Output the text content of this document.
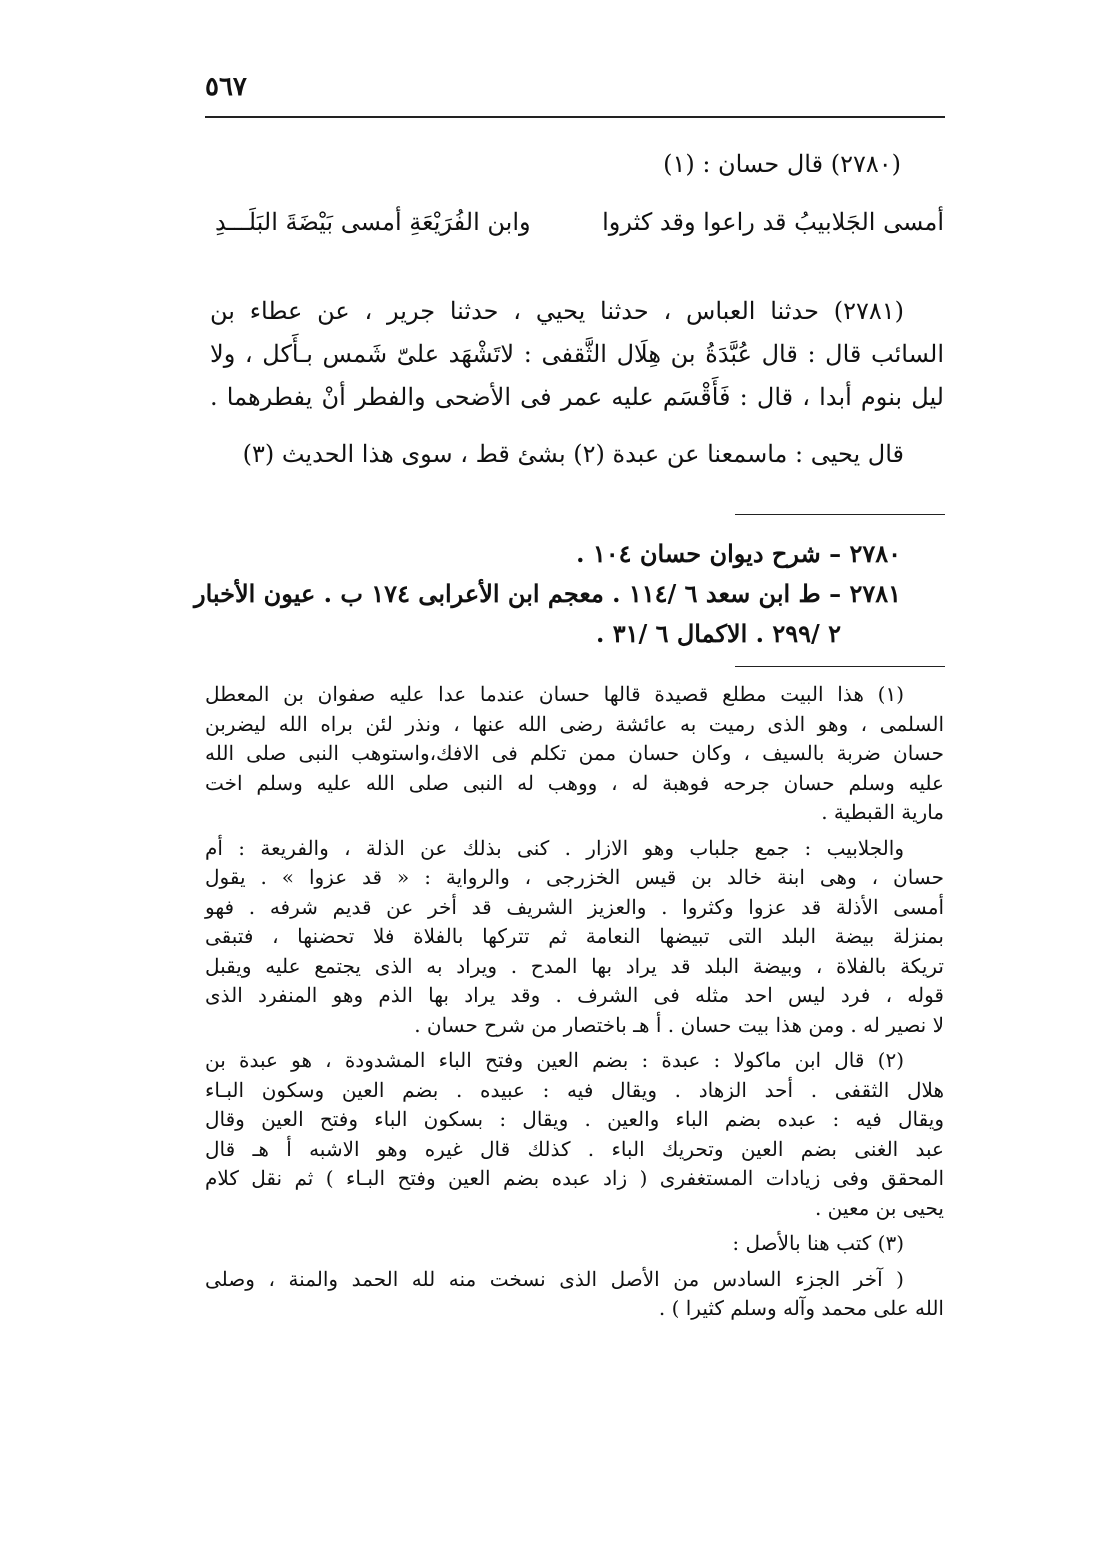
٥٦٧
(٢٧٨٠) قال حسان : (١)
أمسى الجَلابيبُ قد راعوا وقد كثروا
وابن الفُرَيْعَةِ أمسى بَيْضَةَ البَلَـــدِ
(٢٧٨١) حدثنا العباس ، حدثنا يحيي ، حدثنا جرير ، عن عطاء بن
السائب قال : قال عُبَّدَةُ بن هِلَال الثَّقفى : لاتَشْهَد علىّ شَمس بـأَكل ، ولا
ليل بنوم أبدا ، قال : فَأَقْسَم عليه عمر فى الأضحى والفطر أنْ يفطرهما .
قال يحيى : ماسمعنا عن عبدة (٢) بشئ قط ، سوى هذا الحديث (٣)
٢٧٨٠ – شرح ديوان حسان ١٠٤ .
٢٧٨١ – ط ابن سعد ٦ /١١٤ . معجم ابن الأعرابى ١٧٤ ب . عيون الأخبار
٢ /٢٩٩ . الاكمال ٦ /٣١ .
(١) هذا البيت مطلع قصيدة قالها حسان عندما عدا عليه صفوان بن المعطل
السلمى ، وهو الذى رميت به عائشة رضى الله عنها ، ونذر لئن براه الله ليضربن
حسان ضربة بالسيف ، وكان حسان ممن تكلم فى الافك،واستوهب النبى صلى الله
عليه وسلم حسان جرحه فوهبة له ، ووهب له النبى صلى الله عليه وسلم اخت
مارية القبطية .
والجلابيب : جمع جلباب وهو الازار . كنى بذلك عن الذلة ، والفريعة : أم
حسان ، وهى ابنة خالد بن قيس الخزرجى ، والرواية : « قد عزوا » . يقول
أمسى الأذلة قد عزوا وكثروا . والعزيز الشريف قد أخر عن قديم شرفه . فهو
بمنزلة بيضة البلد التى تبيضها النعامة ثم تتركها بالفلاة فلا تحضنها ، فتبقى
تريكة بالفلاة ، وبيضة البلد قد يراد بها المدح . ويراد به الذى يجتمع عليه ويقبل
قوله ، فرد ليس احد مثله فى الشرف . وقد يراد بها الذم وهو المنفرد الذى
لا نصير له . ومن هذا بيت حسان . أ هـ باختصار من شرح حسان .
(٢) قال ابن ماكولا : عبدة : بضم العين وفتح الباء المشدودة ، هو عبدة بن
هلال الثقفى . أحد الزهاد . ويقال فيه : عبيده . بضم العين وسكون البـاء
ويقال فيه : عبده بضم الباء والعين . ويقال : بسكون الباء وفتح العين وقال
عبد الغنى بضم العين وتحريك الباء . كذلك قال غيره وهو الاشبه أ هـ قال
المحقق وفى زيادات المستغفرى ( زاد عبده بضم العين وفتح البـاء ) ثم نقل كلام
يحيى بن معين .
(٣) كتب هنا بالأصل :
( آخر الجزء السادس من الأصل الذى نسخت منه لله الحمد والمنة ، وصلى
الله على محمد وآله وسلم كثيرا ) .
